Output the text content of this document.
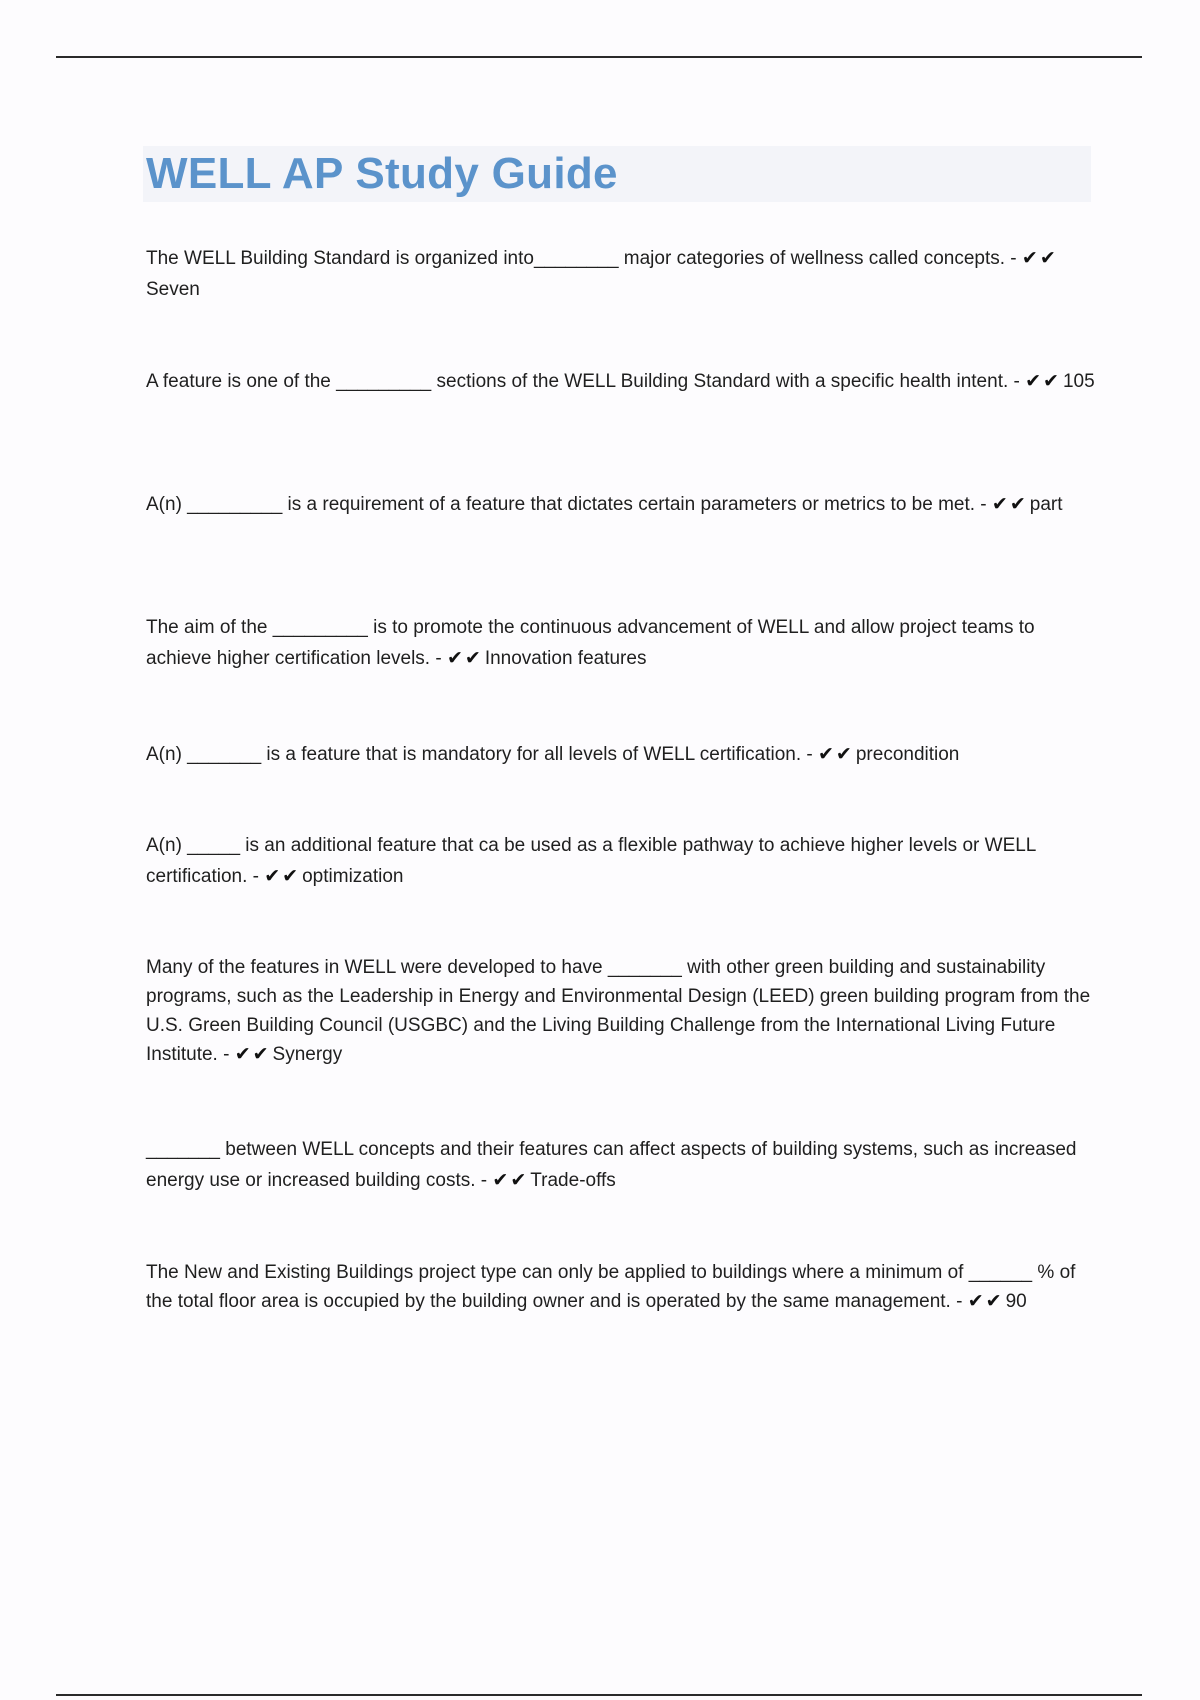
WELL AP Study Guide

The WELL Building Standard is organized into________ major categories of wellness called concepts. - ✔✔Seven

A feature is one of the _________ sections of the WELL Building Standard with a specific health intent. - ✔✔ 105

A(n) _________ is a requirement of a feature that dictates certain parameters or metrics to be met. - ✔✔ part

The aim of the _________ is to promote the continuous advancement of WELL and allow project teams to achieve higher certification levels. - ✔✔ Innovation features

A(n) _______ is a feature that is mandatory for all levels of WELL certification. - ✔✔ precondition

A(n) _____ is an additional feature that ca be used as a flexible pathway to achieve higher levels or WELL certification. - ✔✔ optimization

Many of the features in WELL were developed to have _______ with other green building and sustainability programs, such as the Leadership in Energy and Environmental Design (LEED) green building program from the U.S. Green Building Council (USGBC) and the Living Building Challenge from the International Living Future Institute. - ✔✔ Synergy

_______ between WELL concepts and their features can affect aspects of building systems, such as increased energy use or increased building costs. - ✔✔ Trade-offs

The New and Existing Buildings project type can only be applied to buildings where a minimum of ______ % of the total floor area is occupied by the building owner and is operated by the same management. - ✔✔ 90
